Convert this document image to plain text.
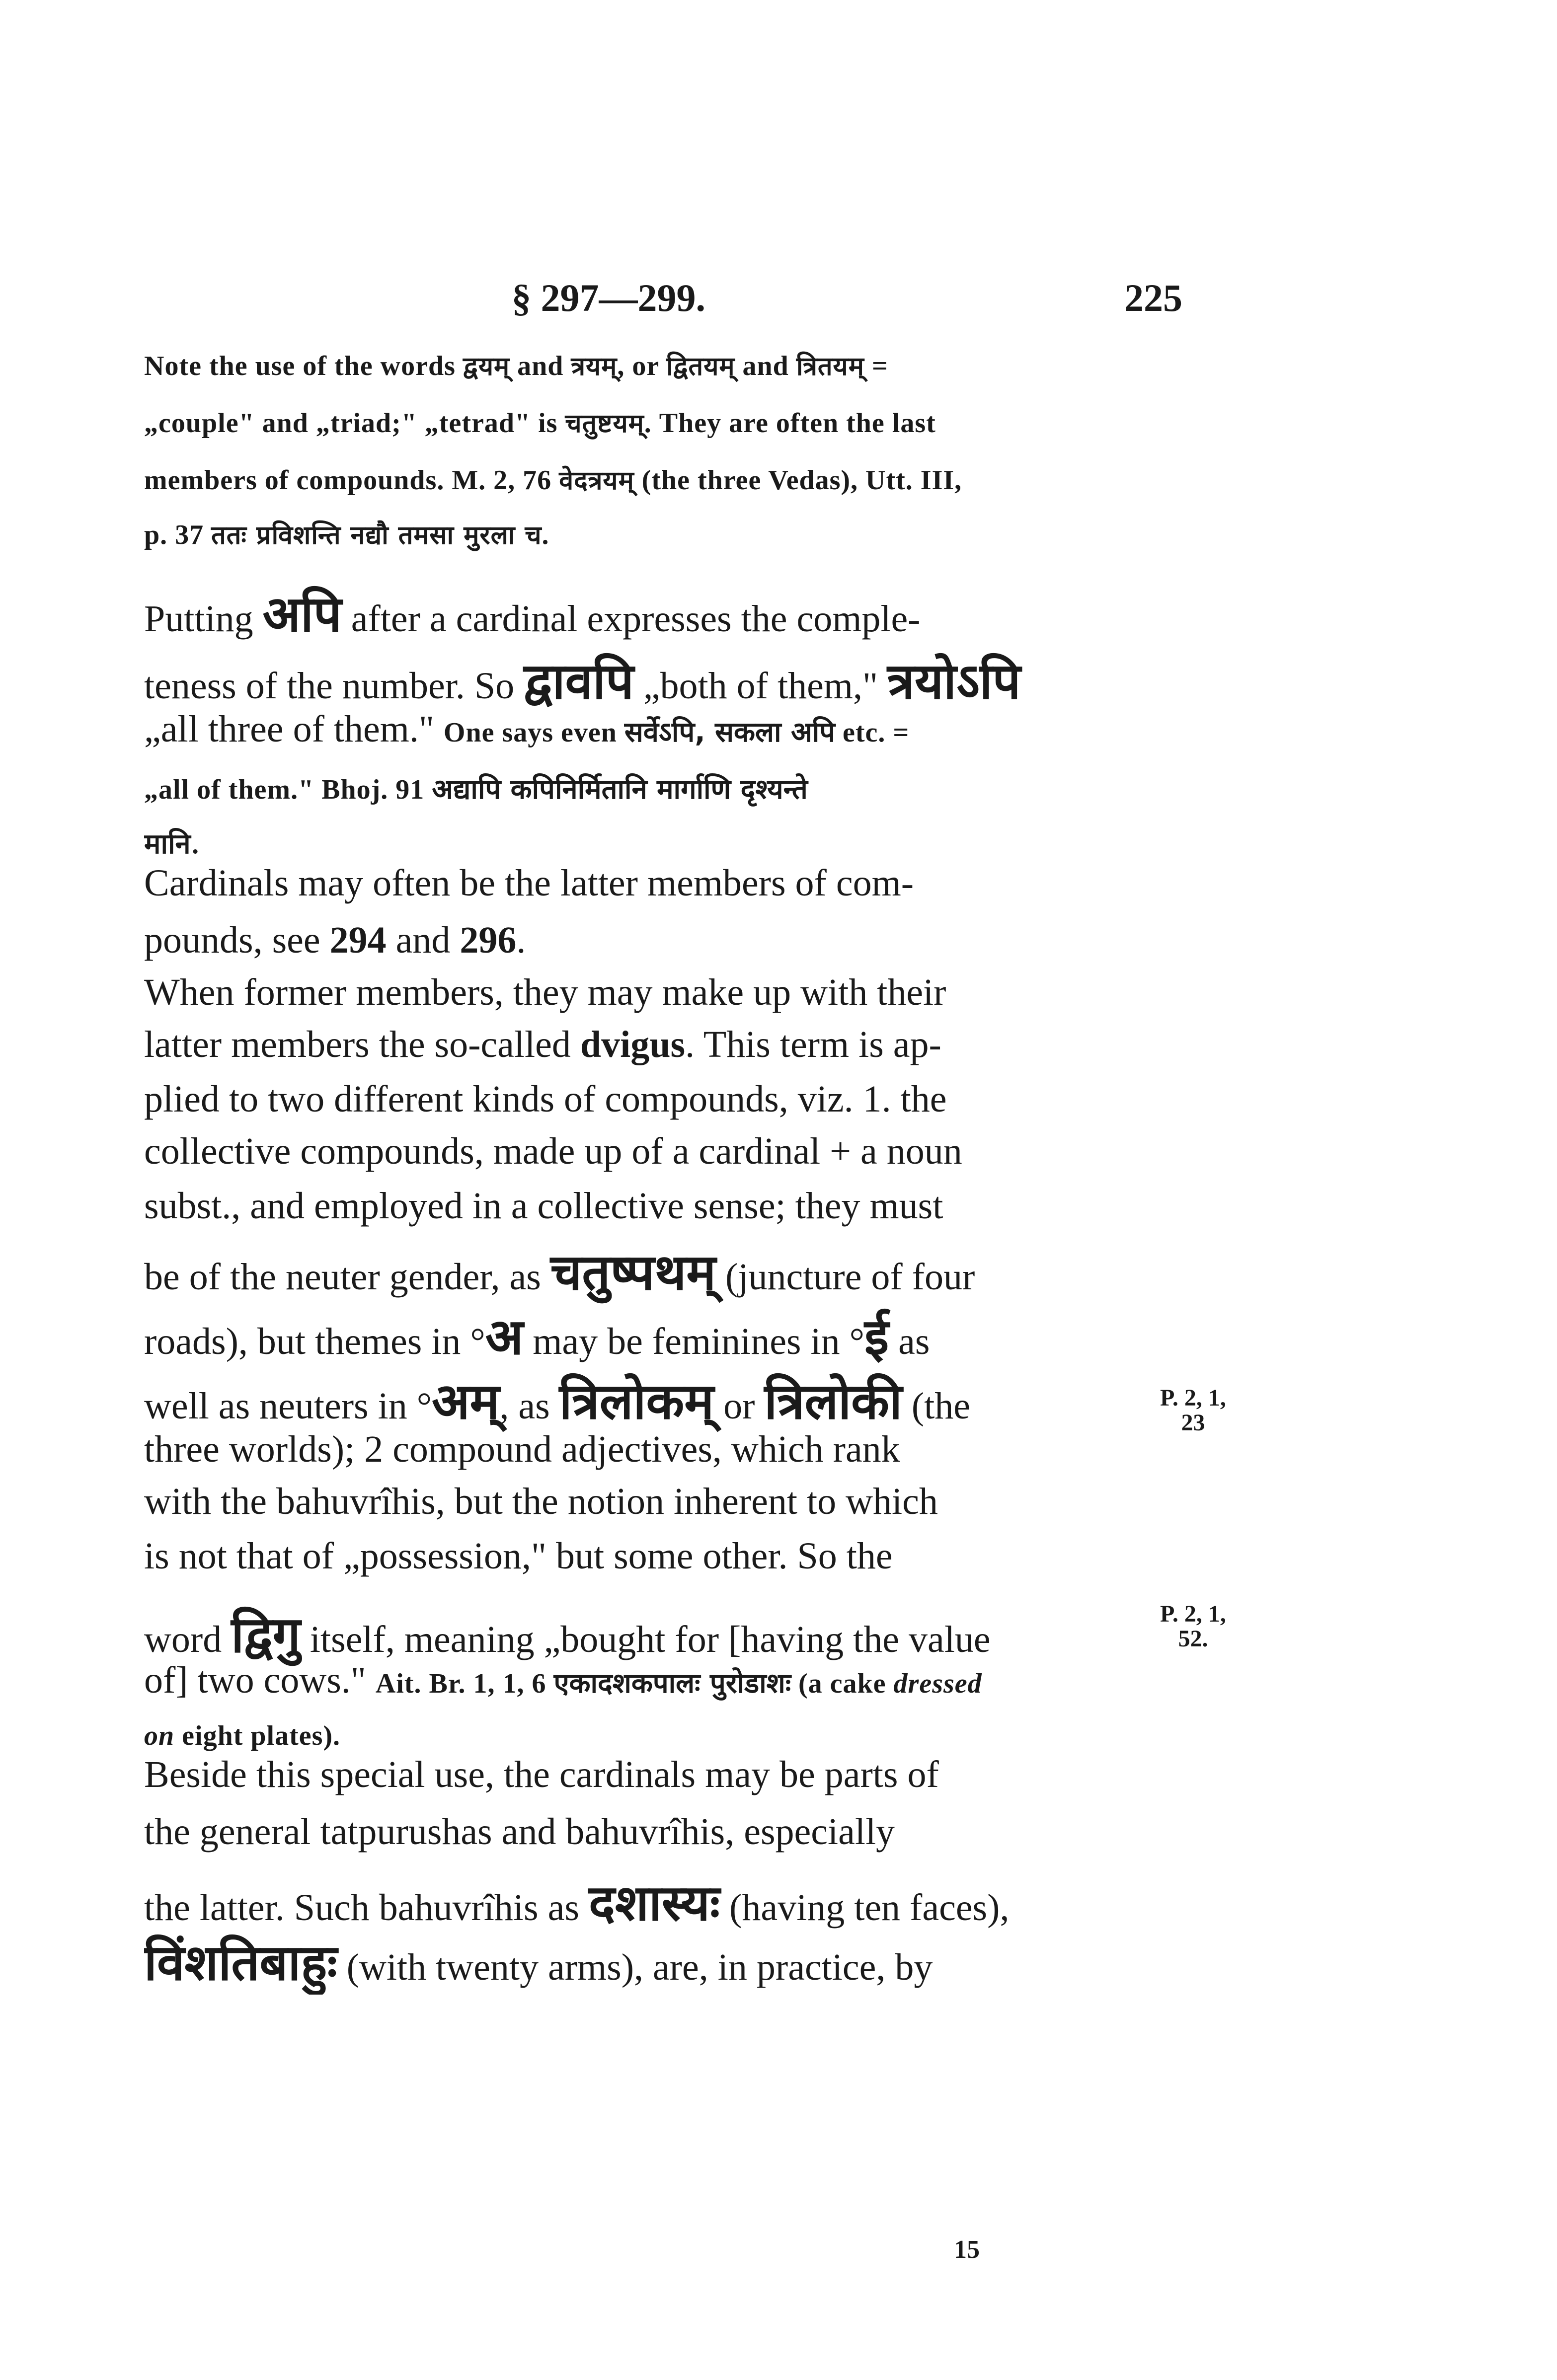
§ 297—299.	225
Note the use of the words द्वयम् and त्रयम्, or द्वितयम् and त्रितयम् =
„couple" and „triad;" „tetrad" is चतुष्टयम्. They are often the last
members of compounds. M. 2, 76 वेदत्रयम् (the three Vedas), Utt. III,
p. 37 ततः प्रविशन्ति नद्यौ तमसा मुरला च.
Putting अपि after a cardinal expresses the comple-
teness of the number. So द्वावपि „both of them," त्रयोऽपि
„all three of them." One says even सर्वेऽपि, सकला अपि etc. =
„all of them." Bhoj. 91 अद्यापि कपिनिर्मितानि मार्गाणि दृश्यन्ते
मानि.
Cardinals may often be the latter members of com-
pounds, see 294 and 296.
When former members, they may make up with their
latter members the so-called dvigus. This term is ap-
plied to two different kinds of compounds, viz. 1. the
collective compounds, made up of a cardinal + a noun
subst., and employed in a collective sense; they must
be of the neuter gender, as चतुष्पथम् (juncture of four
roads), but themes in °अ may be feminines in °ई as
well as neuters in °अम्, as त्रिलोकम् or त्रिलोकी (the
three worlds); 2 compound adjectives, which rank
with the bahuvrîhis, but the notion inherent to which
is not that of „possession," but some other. So the
word द्विगु itself, meaning „bought for [having the value
of] two cows." Ait. Br. 1, 1, 6 एकादशकपालः पुरोडाशः (a cake dressed
on eight plates).
Beside this special use, the cardinals may be parts of
the general tatpurushas and bahuvrîhis, especially
the latter. Such bahuvrîhis as दशास्यः (having ten faces),
विंशतिबाहुः (with twenty arms), are, in practice, by
P. 2, 1,
23
P. 2, 1,
52.
15
